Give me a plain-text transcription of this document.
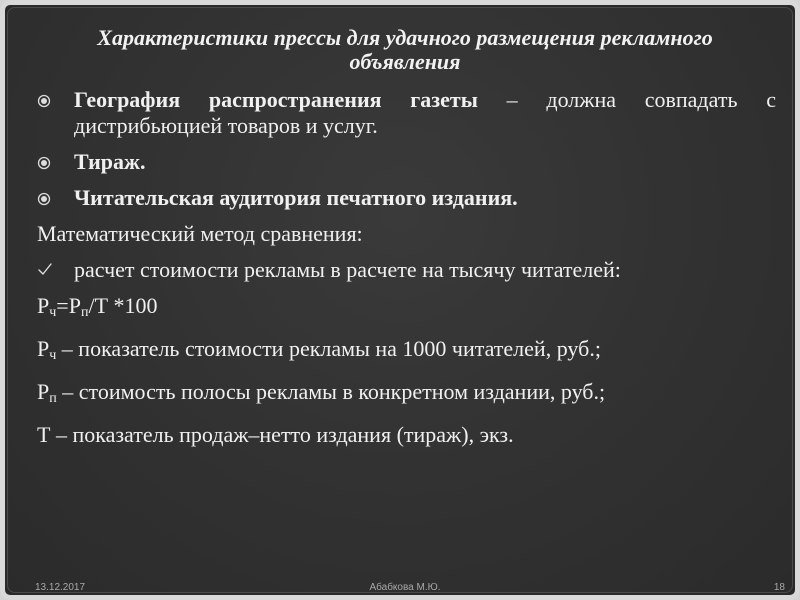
Характеристики прессы для удачного размещения рекламного объявления

География распространения газеты – должна совпадать с дистрибьюцией товаров и услуг.

Тираж.

Читательская аудитория печатного издания.

Математический метод сравнения:

расчет стоимости рекламы в расчете на тысячу читателей:

$Р_ч=Р_п/Т$ *100

$Р_ч$ – показатель стоимости рекламы на 1000 читателей, руб.;

$Р_п$ – стоимость полосы рекламы в конкретном издании, руб.;

Т – показатель продаж–нетто издания (тираж), экз.

13.12.2017	Абабкова М.Ю.	18
